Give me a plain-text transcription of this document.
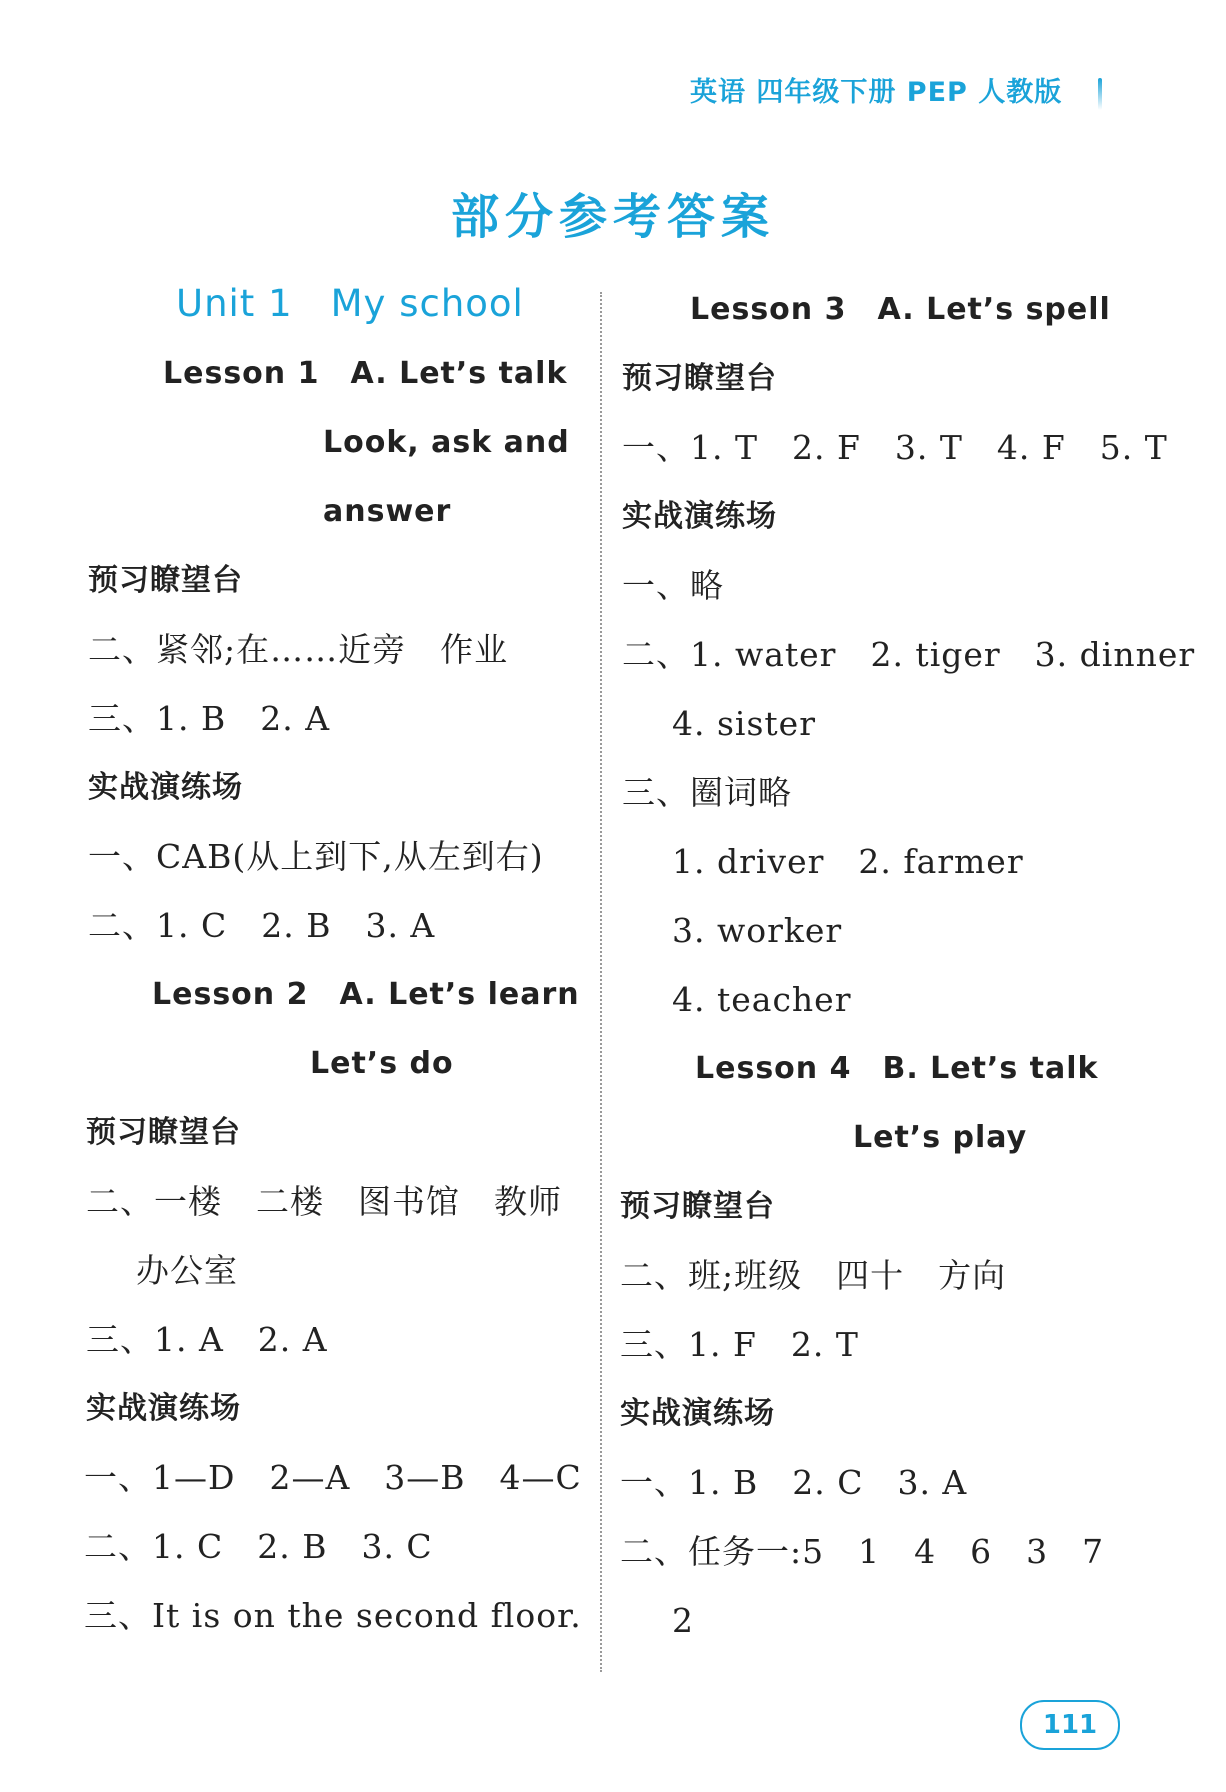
英语 四年级下册 PEP 人教版
部分参考答案
Unit 1　My school
Lesson 1　A. Let’s talk
Look, ask and
answer
预习瞭望台
二、紧邻;在……近旁　作业
三、1. B　2. A
实战演练场
一、CAB(从上到下,从左到右)
二、1. C　2. B　3. A
Lesson 2　A. Let’s learn
Let’s do
预习瞭望台
二、一楼　二楼　图书馆　教师
办公室
三、1. A　2. A
实战演练场
一、1—D　2—A　3—B　4—C
二、1. C　2. B　3. C
三、It is on the second floor.
Lesson 3　A. Let’s spell
预习瞭望台
一、1. T　2. F　3. T　4. F　5. T
实战演练场
一、略
二、1. water　2. tiger　3. dinner
4. sister
三、圈词略
1. driver　2. farmer
3. worker
4. teacher
Lesson 4　B. Let’s talk
Let’s play
预习瞭望台
二、班;班级　四十　方向
三、1. F　2. T
实战演练场
一、1. B　2. C　3. A
二、任务一:5　1　4　6　3　7
2
111
